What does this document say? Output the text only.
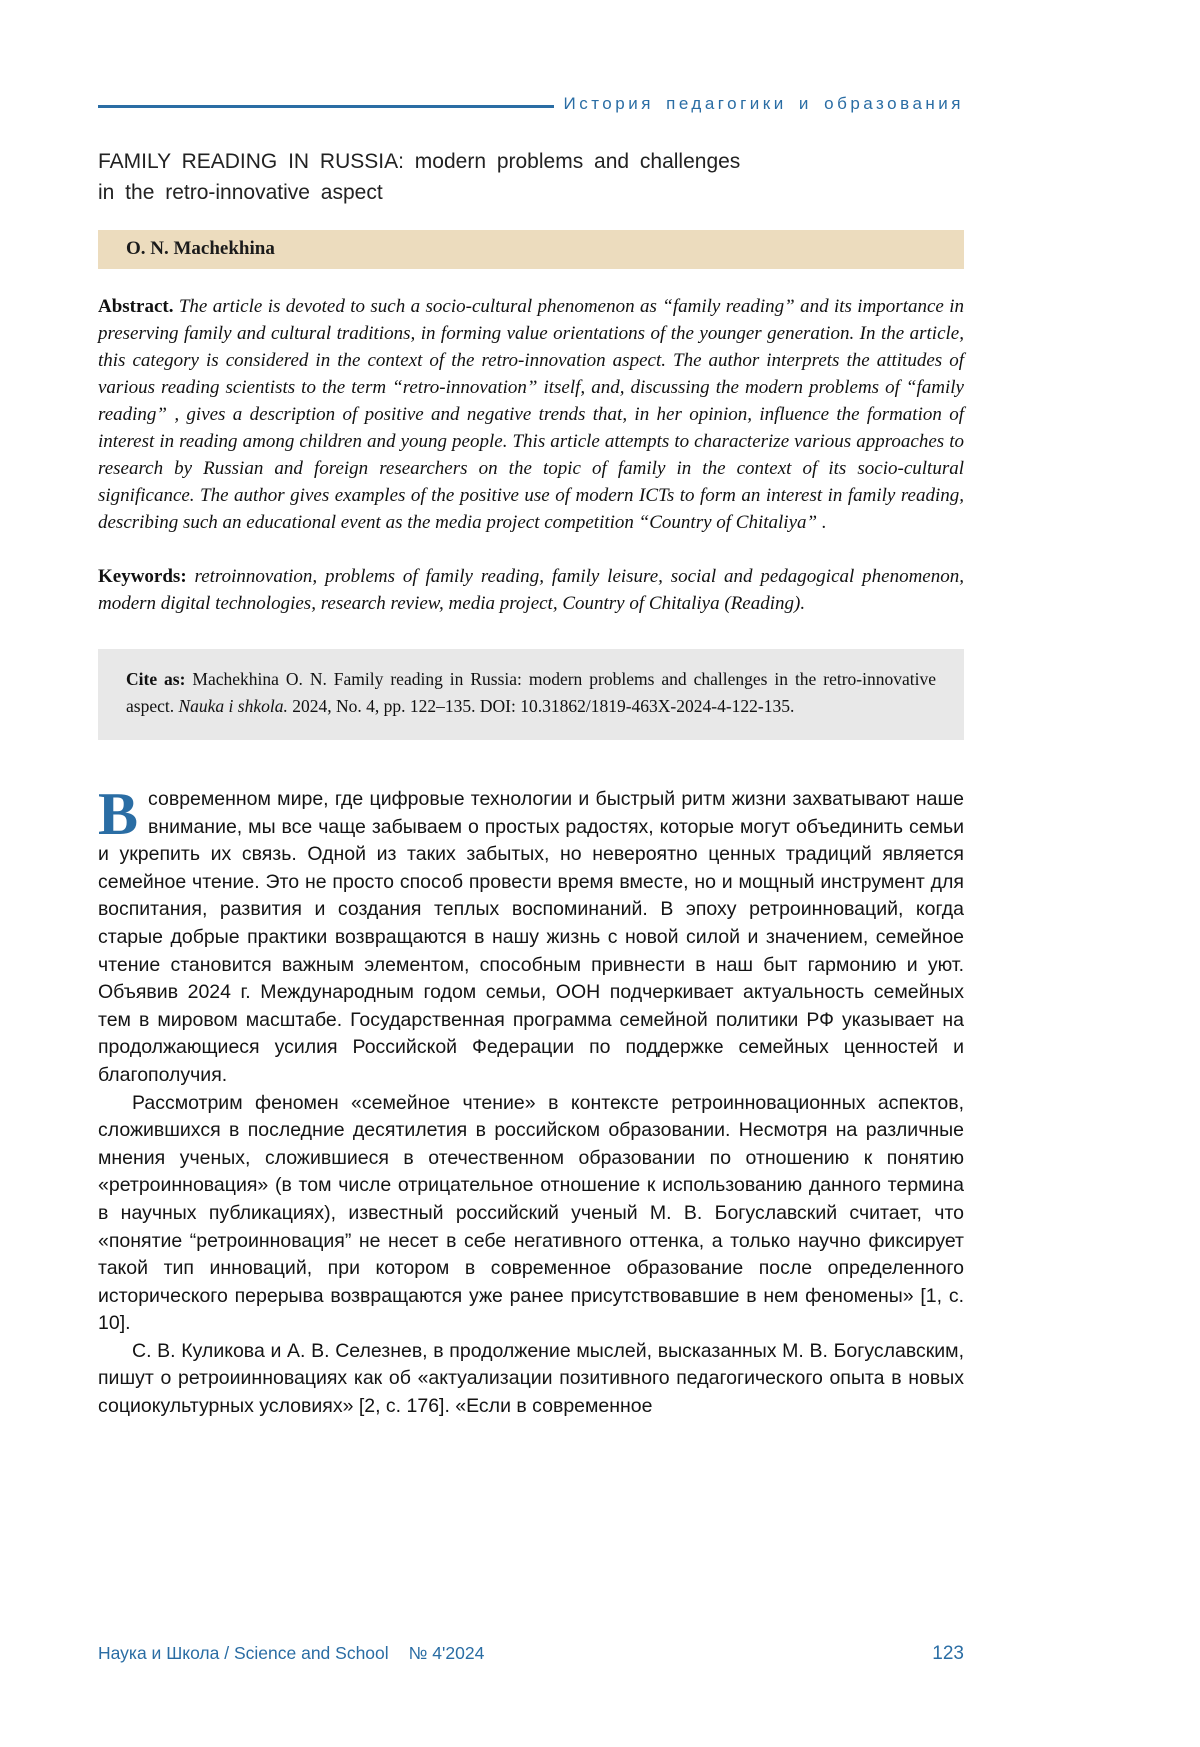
История педагогики и образования
FAMILY READING IN RUSSIA: modern problems and challenges
in the retro-innovative aspect
O. N. Machekhina

Abstract. The article is devoted to such a socio-cultural phenomenon as “family reading” and its importance in preserving family and cultural traditions, in forming value orientations of the younger generation. In the article, this category is considered in the context of the retro-innovation aspect. The author interprets the attitudes of various reading scientists to the term “retro-innovation” itself, and, discussing the modern problems of “family reading” , gives a description of positive and negative trends that, in her opinion, influence the formation of interest in reading among children and young people. This article attempts to characterize various approaches to research by Russian and foreign researchers on the topic of family in the context of its socio-cultural significance. The author gives examples of the positive use of modern ICTs to form an interest in family reading, describing such an educational event as the media project competition “Country of Chitaliya” .

Keywords: retroinnovation, problems of family reading, family leisure, social and pedagogical phenomenon, modern digital technologies, research review, media project, Country of Chitaliya (Reading).

Cite as: Machekhina O. N. Family reading in Russia: modern problems and challenges in the retro-innovative aspect. Nauka i shkola. 2024, No. 4, pp. 122–135. DOI: 10.31862/1819-463X-2024-4-122-135.

Всовременном мире, где цифровые технологии и быстрый ритм жизни захватывают наше внимание, мы все чаще забываем о простых радостях, которые могут объединить семьи и укрепить их связь. Одной из таких забытых, но невероятно ценных традиций является семейное чтение. Это не просто способ провести время вместе, но и мощный инструмент для воспитания, развития и создания теплых воспоминаний. В эпоху ретроинноваций, когда старые добрые практики возвращаются в нашу жизнь с новой силой и значением, семейное чтение становится важным элементом, способным привнести в наш быт гармонию и уют. Объявив 2024 г. Международным годом семьи, ООН подчеркивает актуальность семейных тем в мировом масштабе. Государственная программа семейной политики РФ указывает на продолжающиеся усилия Российской Федерации по поддержке семейных ценностей и благополучия.

Рассмотрим феномен «семейное чтение» в контексте ретроинновационных аспектов, сложившихся в последние десятилетия в российском образовании. Несмотря на различные мнения ученых, сложившиеся в отечественном образовании по отношению к понятию «ретроинновация» (в том числе отрицательное отношение к использованию данного термина в научных публикациях), известный российский ученый М. В. Богуславский считает, что «понятие “ретроинновация” не несет в себе негативного оттенка, а только научно фиксирует такой тип инноваций, при котором в современное образование после определенного исторического перерыва возвращаются уже ранее присутствовавшие в нем феномены» [1, с. 10].

С. В. Куликова и А. В. Селезнев, в продолжение мыслей, высказанных М. В. Богуславским, пишут о ретроиинновациях как об «актуализации позитивного педагогического опыта в новых социокультурных условиях» [2, с. 176]. «Если в современное

Наука и Школа / Science and School № 4'2024	123
